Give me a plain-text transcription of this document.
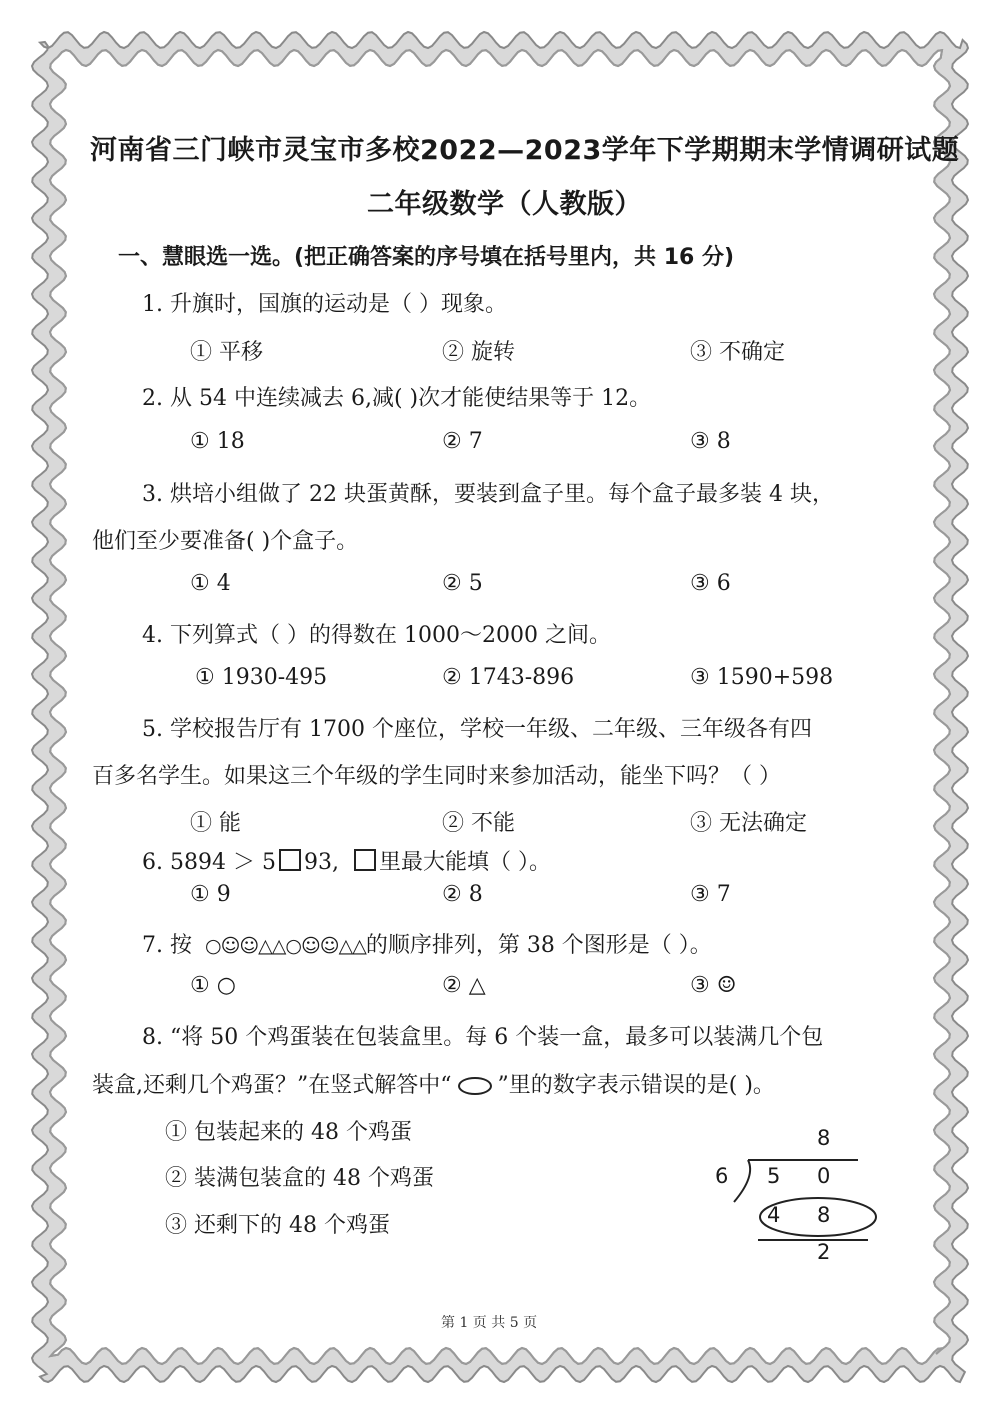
河南省三门峡市灵宝市多校2022—2023学年下学期期末学情调研试题
二年级数学（人教版）
一、慧眼选一选。(把正确答案的序号填在括号里内，共 16 分)
1. 升旗时，国旗的运动是（ ）现象。
① 平移	② 旋转	③ 不确定
2. 从 54 中连续减去 6,减( )次才能使结果等于 12。
① 18	② 7	③ 8
3. 烘培小组做了 22 块蛋黄酥，要装到盒子里。每个盒子最多装 4 块，
他们至少要准备( )个盒子。
① 4	② 5	③ 6
4. 下列算式（ ）的得数在 1000～2000 之间。
① 1930-495	② 1743-896	③ 1590+598
5. 学校报告厅有 1700 个座位，学校一年级、二年级、三年级各有四
百多名学生。如果这三个年级的学生同时来参加活动，能坐下吗？（ ）
① 能	② 不能	③ 无法确定
6. 5894 ＞ 5 93, 里最大能填（ ）。
① 9	② 8	③ 7
7. 按 ○☺☺△△○☺☺△△的顺序排列，第 38 个图形是（ ）。
① ○	② △	③ ☺
8. “将 50 个鸡蛋装在包装盒里。每 6 个装一盒，最多可以装满几个包
装盒,还剩几个鸡蛋？”在竖式解答中“ ”里的数字表示错误的是( )。
① 包装起来的 48 个鸡蛋
② 装满包装盒的 48 个鸡蛋
③ 还剩下的 48 个鸡蛋
8
6 5 0
4 8
2
第 1 页 共 5 页
